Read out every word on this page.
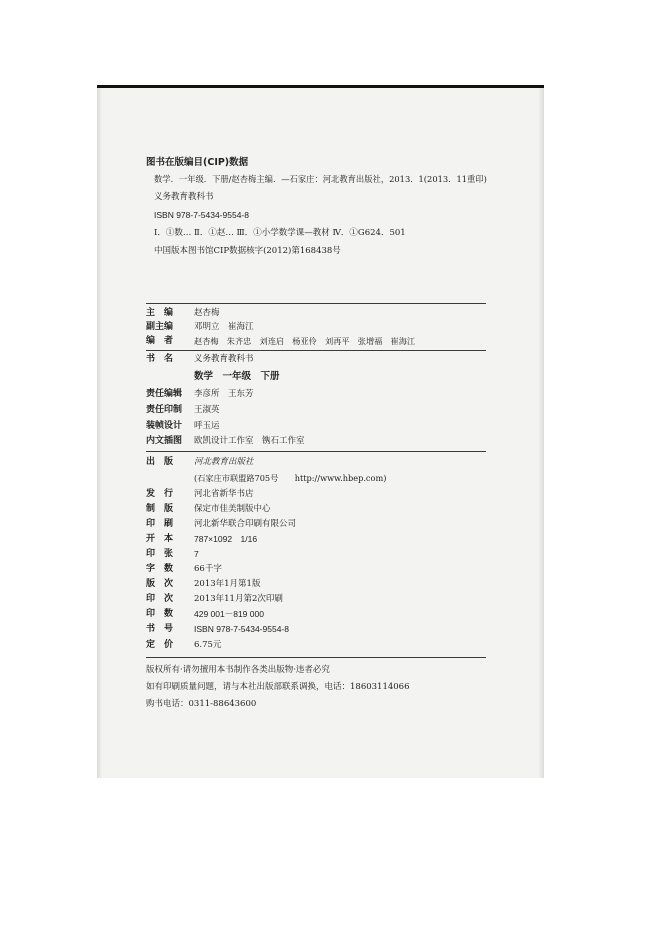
图书在版编目(CIP)数据
数学．一年级．下册/赵杏梅主编．—石家庄：河北教育出版社，2013．1(2013．11重印)
义务教育教科书
ISBN 978-7-5434-9554-8
Ⅰ．①数… Ⅱ．①赵… Ⅲ．①小学数学课—教材 Ⅳ．①G624．501
中国版本图书馆CIP数据核字(2012)第168438号
主　编	赵杏梅
副主编	邓明立　崔海江
编　者	赵杏梅　朱齐忠　刘连启　杨亚伶　刘再平　张增福　崔海江
书　名	义务教育教科书
数学　一年级　下册
责任编辑	李彦所　王东芳
责任印制	王淑英
装帧设计	呼玉运
内文插图	欧凯设计工作室　镌石工作室
出　版	河北教育出版社
(石家庄市联盟路705号　　http://www.hbep.com)
发　行	河北省新华书店
制　版	保定市佳美制版中心
印　刷	河北新华联合印刷有限公司
开　本	787×1092　1/16
印　张	7
字　数	66千字
版　次	2013年1月第1版
印　次	2013年11月第2次印刷
印　数	429 001－819 000
书　号	ISBN 978-7-5434-9554-8
定　价	6.75元
版权所有·请勿擅用本书制作各类出版物·违者必究
如有印刷质量问题，请与本社出版部联系调换，电话：18603114066
购书电话：0311-88643600
